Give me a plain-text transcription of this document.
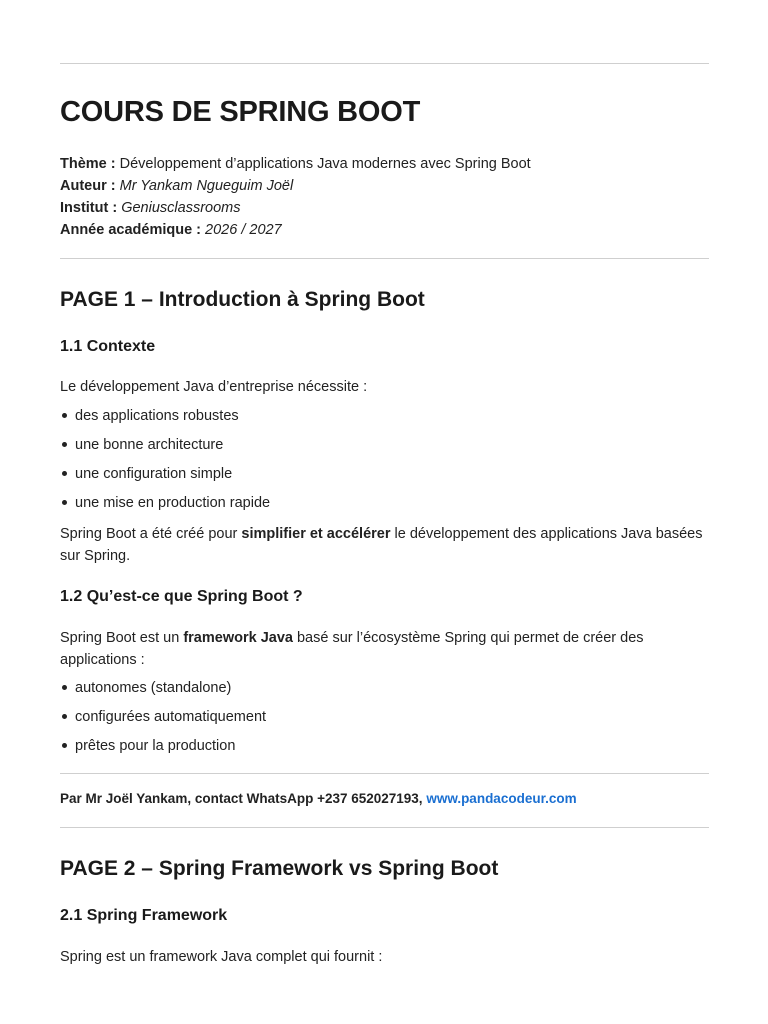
COURS DE SPRING BOOT
Thème : Développement d’applications Java modernes avec Spring Boot
Auteur : Mr Yankam Ngueguim Joël
Institut : Geniusclassrooms
Année académique : 2026 / 2027
PAGE 1 – Introduction à Spring Boot
1.1 Contexte
Le développement Java d’entreprise nécessite :
des applications robustes
une bonne architecture
une configuration simple
une mise en production rapide
Spring Boot a été créé pour simplifier et accélérer le développement des applications Java basées sur Spring.
1.2 Qu’est-ce que Spring Boot ?
Spring Boot est un framework Java basé sur l’écosystème Spring qui permet de créer des applications :
autonomes (standalone)
configurées automatiquement
prêtes pour la production
Par Mr Joël Yankam, contact WhatsApp +237 652027193, www.pandacodeur.com
PAGE 2 – Spring Framework vs Spring Boot
2.1 Spring Framework
Spring est un framework Java complet qui fournit :
